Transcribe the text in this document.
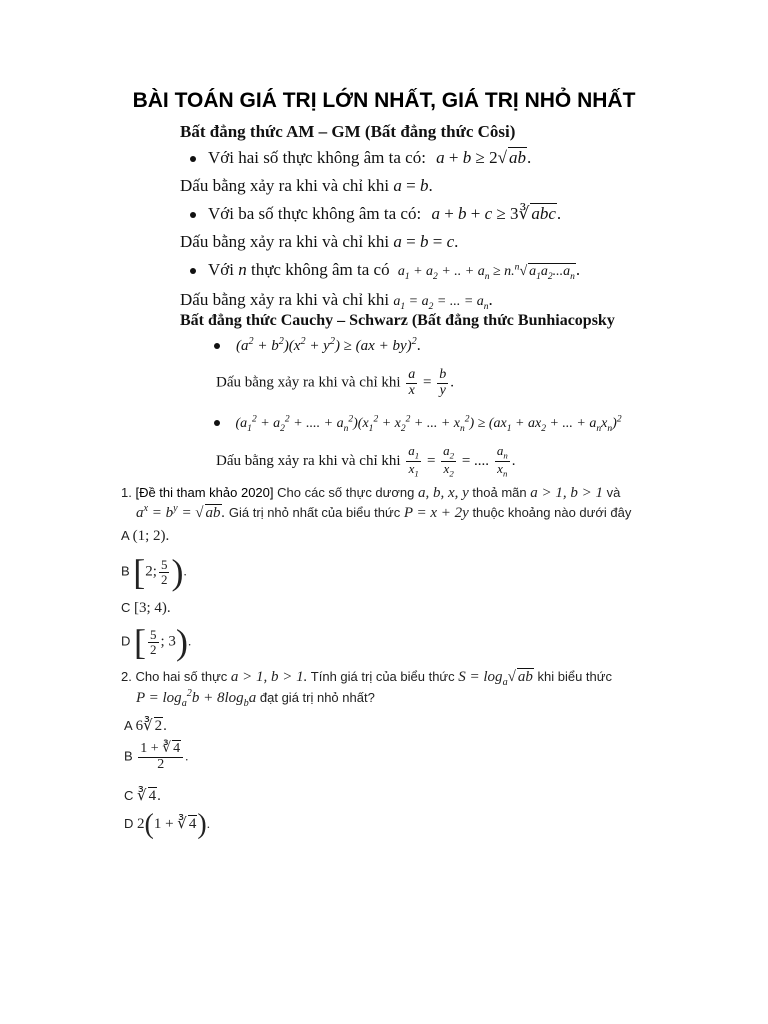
BÀI TOÁN GIÁ TRỊ LỚN NHẤT, GIÁ TRỊ NHỎ NHẤT
Bất đẳng thức AM – GM (Bất đẳng thức Côsi)
Với hai số thực không âm ta có: a + b ≥ 2√ ab.
Dấu bằng xảy ra khi và chỉ khi a = b.
Với ba số thực không âm ta có: a + b + c ≥ 3∛ abc.
Dấu bằng xảy ra khi và chỉ khi a = b = c.
Với n thực không âm ta có $a_1 + a_2$ + .. + $a_n \ge n.^n√$ $a_1a_2...a_n$.
Dấu bằng xảy ra khi và chỉ khi $a_1 = a_2$ = ... = $a_n$.
Bất đẳng thức Cauchy – Schwarz (Bất đẳng thức Bunhiacopsky
$(a^2 + b^2)(x^2 + y^2) \ge (ax + by)^2$.
Dấu bằng xảy ra khi và chỉ khi $\frac{a}{x} = \frac{b}{y}$ .
($a_1^2 + a_2^2$ + .... + $a_n^2)(x_1^2 + x_2^2$ + ... + $x_n^2) \ge (ax_1 + ax_2$ + ... + $a_nx_n)^2$
Dấu bằng xảy ra khi và chỉ khi $\frac{a_1}{x_1} = \frac{a_2}{x_2}$ = .... $\frac{a_n}{x_n}$ .
1. [Đề thi tham khảo 2020] Cho các số thực dương a, b, x, y thoả mãn a > 1, b > 1 và
$a^x = b^y$ = √ ab. Giá trị nhỏ nhất của biểu thức P = x + 2y thuộc khoảng nào dưới đây
A (1; 2).
B [2; $\frac{5}{2}$ ).
C [3; 4).
D [ $\frac{5}{2}$ ; 3).
2. Cho hai số thực a > 1, b > 1. Tính giá trị của biểu thức $S = \log_a√$ ab khi biểu thức
$P = \log_a^2b + 8\log_ba$ đạt giá trị nhỏ nhất?
A 6∛ 2.
B $\frac{1 + ∛ 4}{2}$ .
C ∛ 4.
D 2(1 + ∛ 4).
